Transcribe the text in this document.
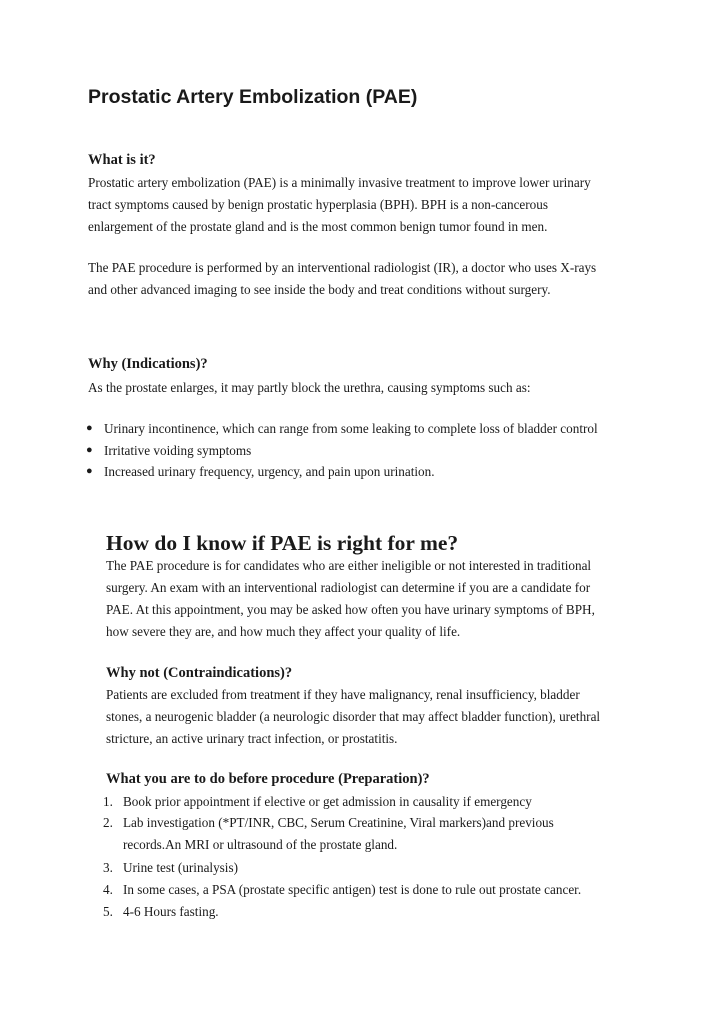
Prostatic Artery Embolization (PAE)
What is it?

Prostatic artery embolization (PAE) is a minimally invasive treatment to improve lower urinary

tract symptoms caused by benign prostatic hyperplasia (BPH). BPH is a non-cancerous

enlargement of the prostate gland and is the most common benign tumor found in men.

The PAE procedure is performed by an interventional radiologist (IR), a doctor who uses X-rays

and other advanced imaging to see inside the body and treat conditions without surgery.

Why (Indications)?

As the prostate enlarges, it may partly block the urethra, causing symptoms such as:

● Urinary incontinence, which can range from some leaking to complete loss of bladder control
● Irritative voiding symptoms
● Increased urinary frequency, urgency, and pain upon urination.
How do I know if PAE is right for me?

The PAE procedure is for candidates who are either ineligible or not interested in traditional

surgery. An exam with an interventional radiologist can determine if you are a candidate for

PAE. At this appointment, you may be asked how often you have urinary symptoms of BPH,

how severe they are, and how much they affect your quality of life.

Why not (Contraindications)?

Patients are excluded from treatment if they have malignancy, renal insufficiency, bladder

stones, a neurogenic bladder (a neurologic disorder that may affect bladder function), urethral

stricture, an active urinary tract infection, or prostatitis.

What you are to do before procedure (Preparation)?
1. Book prior appointment if elective or get admission in causality if emergency
2. Lab investigation (*PT/INR, CBC, Serum Creatinine, Viral markers)and previous
records.An MRI or ultrasound of the prostate gland.
3. Urine test (urinalysis)
4. In some cases, a PSA (prostate specific antigen) test is done to rule out prostate cancer.
5. 4-6 Hours fasting.
